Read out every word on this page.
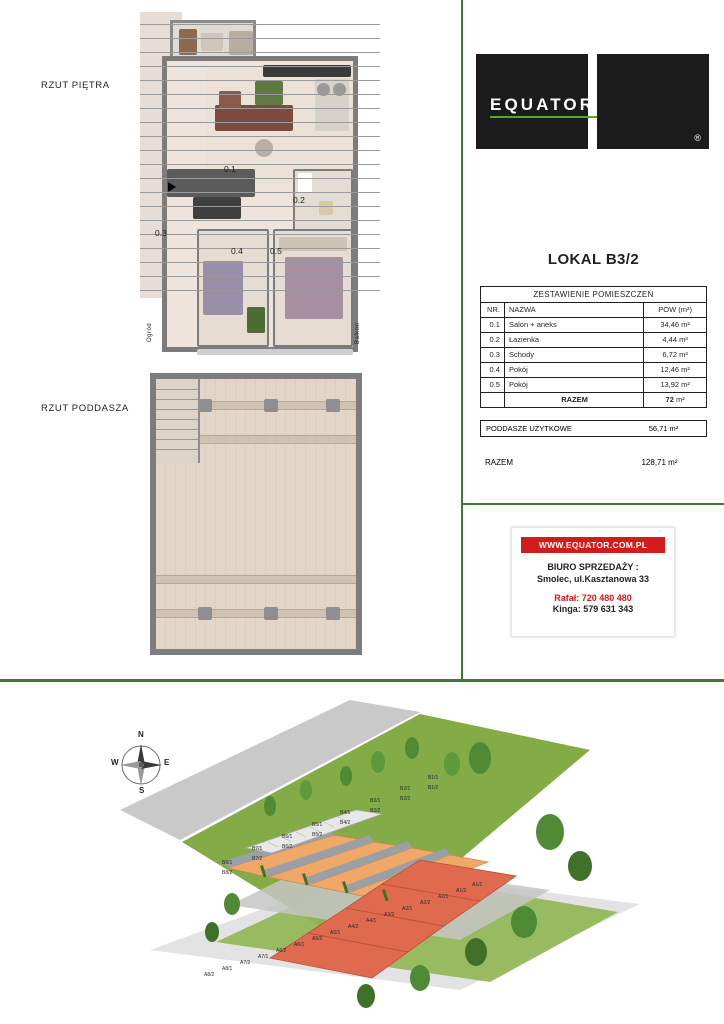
RZUT PIĘTRA
RZUT PODDASZA
0.1
0.2
0.3
0.4	0.5
Ogród	Balkon
EQUATOR
®
LOKAL B3/2
ZESTAWIENIE POMIESZCZEŃ		
NR.	NAZWA	POW (m²)
0.1	Salon + aneks	34,46 m²
0.2	Łazienka	4,44 m²
0.3	Schody	6,72 m²
0.4	Pokój	12,46 m²
0.5	Pokój	13,92 m²
	RAZEM	72 m²
PODDASZE UŻYTKOWE	56,71 m²
RAZEM	128,71 m²
WWW.EQUATOR.COM.PL
BIURO SPRZEDAŻY :
Smolec, ul.Kasztanowa 33
Rafał: 720 480 480
Kinga: 579 631 343
N
S
E
W
B1/1
B1/2
B2/1
B2/2
B3/1
B3/2
B4/1
B4/2
B5/1
B5/2
B6/1
B6/2
B7/1
B7/2
B8/1
B8/2
A1/1
A1/2
A2/1
A2/2
A3/1
A3/2
A4/1
A4/2
A5/1
A5/2
A6/1
A6/2
A7/1
A7/2
A8/1
A8/2
